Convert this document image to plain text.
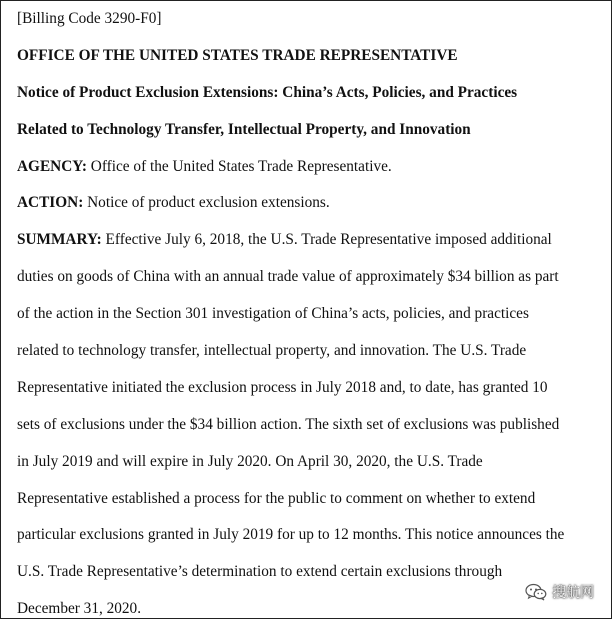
[Billing Code 3290-F0]
OFFICE OF THE UNITED STATES TRADE REPRESENTATIVE
Notice of Product Exclusion Extensions: China’s Acts, Policies, and Practices
Related to Technology Transfer, Intellectual Property, and Innovation
AGENCY: Office of the United States Trade Representative.
ACTION: Notice of product exclusion extensions.
SUMMARY: Effective July 6, 2018, the U.S. Trade Representative imposed additional
duties on goods of China with an annual trade value of approximately $34 billion as part
of the action in the Section 301 investigation of China’s acts, policies, and practices
related to technology transfer, intellectual property, and innovation. The U.S. Trade
Representative initiated the exclusion process in July 2018 and, to date, has granted 10
sets of exclusions under the $34 billion action. The sixth set of exclusions was published
in July 2019 and will expire in July 2020. On April 30, 2020, the U.S. Trade
Representative established a process for the public to comment on whether to extend
particular exclusions granted in July 2019 for up to 12 months. This notice announces the
U.S. Trade Representative’s determination to extend certain exclusions through
December 31, 2020.
搜航网
